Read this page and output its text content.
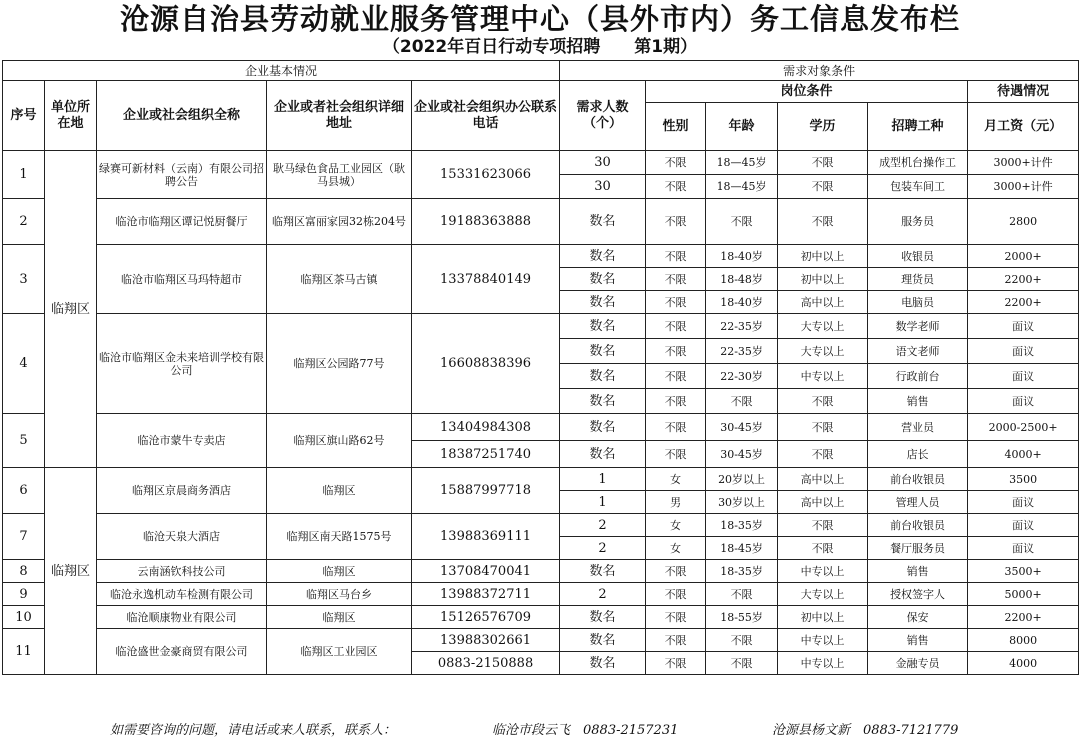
沧源自治县劳动就业服务管理中心（县外市内）务工信息发布栏
（2022年百日行动专项招聘　　第1期）
企业基本情况					需求对象条件					
序号	单位所在地	企业或社会组织全称	企业或者社会组织详细地址	企业或社会组织办公联系电话	需求人数（个）	岗位条件				待遇情况
						性别	年龄	学历	招聘工种	月工资（元）
1	临翔区	绿赛可新材料（云南）有限公司招聘公告	耿马绿色食品工业园区（耿马县城）	15331623066	30	不限	18—45岁	不限	成型机台操作工	3000+计件
					30	不限	18—45岁	不限	包装车间工	3000+计件
2		临沧市临翔区谭记悦厨餐厅	临翔区富丽家园32栋204号	19188363888	数名	不限	不限	不限	服务员	2800
3		临沧市临翔区马玛特超市	临翔区茶马古镇	13378840149	数名	不限	18-40岁	初中以上	收银员	2000+
					数名	不限	18-48岁	初中以上	理货员	2200+
					数名	不限	18-40岁	高中以上	电脑员	2200+
4		临沧市临翔区金未来培训学校有限公司	临翔区公园路77号	16608838396	数名	不限	22-35岁	大专以上	数学老师	面议
					数名	不限	22-35岁	大专以上	语文老师	面议
					数名	不限	22-30岁	中专以上	行政前台	面议
					数名	不限	不限	不限	销售	面议
5		临沧市蒙牛专卖店	临翔区旗山路62号	13404984308	数名	不限	30-45岁	不限	营业员	2000-2500+
				18387251740	数名	不限	30-45岁	不限	店长	4000+
6	临翔区	临翔区京晨商务酒店	临翔区	15887997718	1	女	20岁以上	高中以上	前台收银员	3500
					1	男	30岁以上	高中以上	管理人员	面议
7		临沧天泉大酒店	临翔区南天路1575号	13988369111	2	女	18-35岁	不限	前台收银员	面议
					2	女	18-45岁	不限	餐厅服务员	面议
8		云南涵钦科技公司	临翔区	13708470041	数名	不限	18-35岁	中专以上	销售	3500+
9		临沧永逸机动车检测有限公司	临翔区马台乡	13988372711	2	不限	不限	大专以上	授权签字人	5000+
10		临沧顺康物业有限公司	临翔区	15126576709	数名	不限	18-55岁	初中以上	保安	2200+
11		临沧盛世金豪商贸有限公司	临翔区工业园区	13988302661	数名	不限	不限	中专以上	销售	8000
				0883-2150888	数名	不限	不限	中专以上	金融专员	4000
如需要咨询的问题，请电话或来人联系，联系人：	临沧市段云飞　0883-2157231	沧源县杨文新　0883-7121779
